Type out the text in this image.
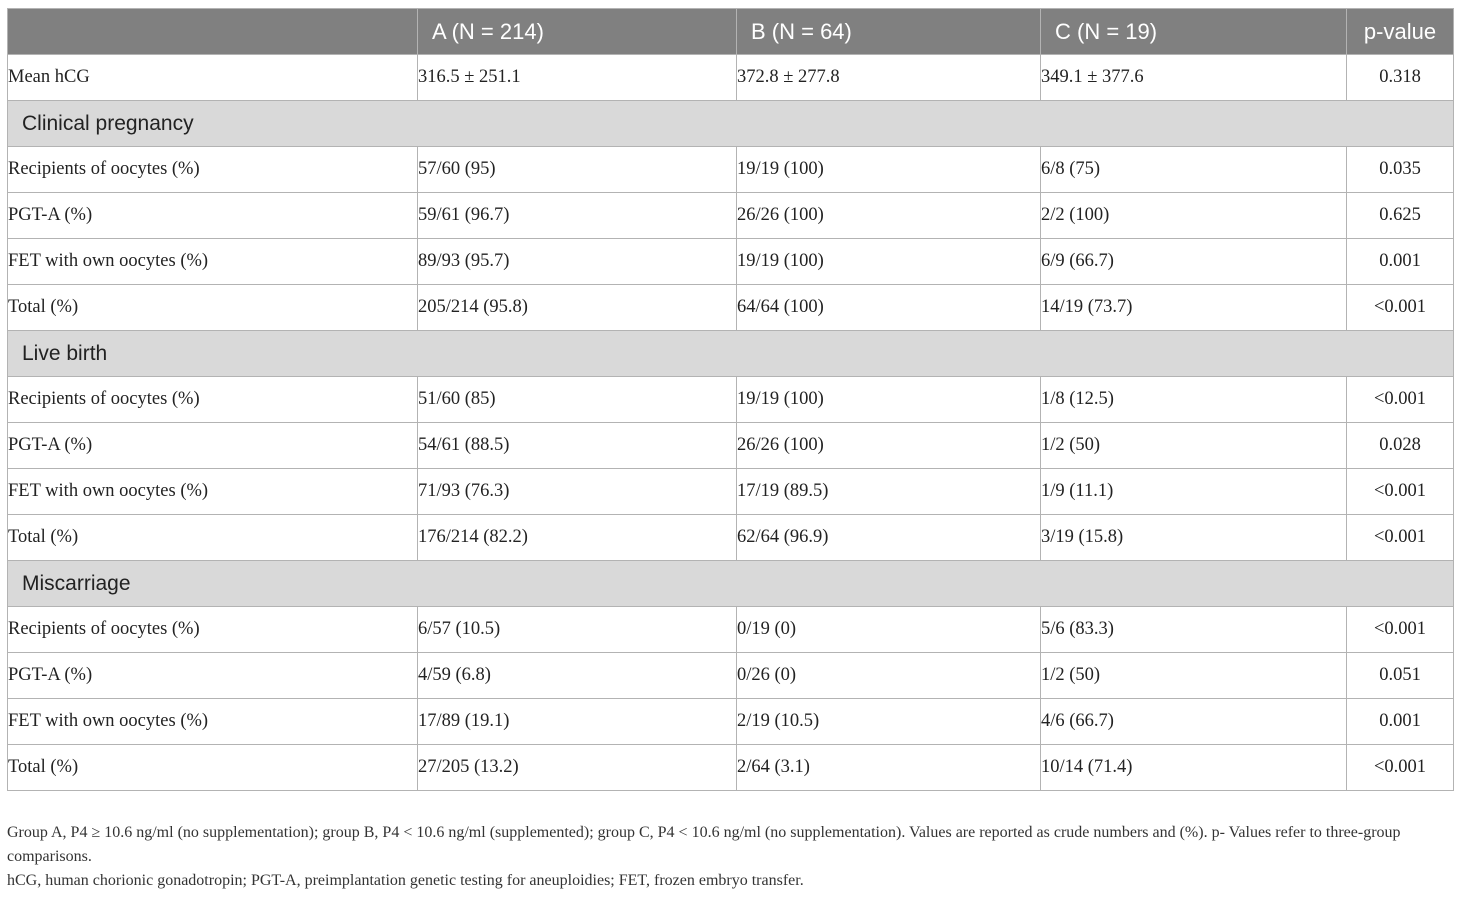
	A (N = 214)	B (N = 64)	C (N = 19)	p-value
Mean hCG	316.5 ± 251.1	372.8 ± 277.8	349.1 ± 377.6	0.318
Clinical pregnancy				
Recipients of oocytes (%)	57/60 (95)	19/19 (100)	6/8 (75)	0.035
PGT-A (%)	59/61 (96.7)	26/26 (100)	2/2 (100)	0.625
FET with own oocytes (%)	89/93 (95.7)	19/19 (100)	6/9 (66.7)	0.001
Total (%)	205/214 (95.8)	64/64 (100)	14/19 (73.7)	<0.001
Live birth				
Recipients of oocytes (%)	51/60 (85)	19/19 (100)	1/8 (12.5)	<0.001
PGT-A (%)	54/61 (88.5)	26/26 (100)	1/2 (50)	0.028
FET with own oocytes (%)	71/93 (76.3)	17/19 (89.5)	1/9 (11.1)	<0.001
Total (%)	176/214 (82.2)	62/64 (96.9)	3/19 (15.8)	<0.001
Miscarriage				
Recipients of oocytes (%)	6/57 (10.5)	0/19 (0)	5/6 (83.3)	<0.001
PGT-A (%)	4/59 (6.8)	0/26 (0)	1/2 (50)	0.051
FET with own oocytes (%)	17/89 (19.1)	2/19 (10.5)	4/6 (66.7)	0.001
Total (%)	27/205 (13.2)	2/64 (3.1)	10/14 (71.4)	<0.001

Group A, P4 ≥ 10.6 ng/ml (no supplementation); group B, P4 < 10.6 ng/ml (supplemented); group C, P4 < 10.6 ng/ml (no supplementation). Values are reported as crude numbers and (%). p- Values refer to three-group comparisons.

hCG, human chorionic gonadotropin; PGT-A, preimplantation genetic testing for aneuploidies; FET, frozen embryo transfer.
